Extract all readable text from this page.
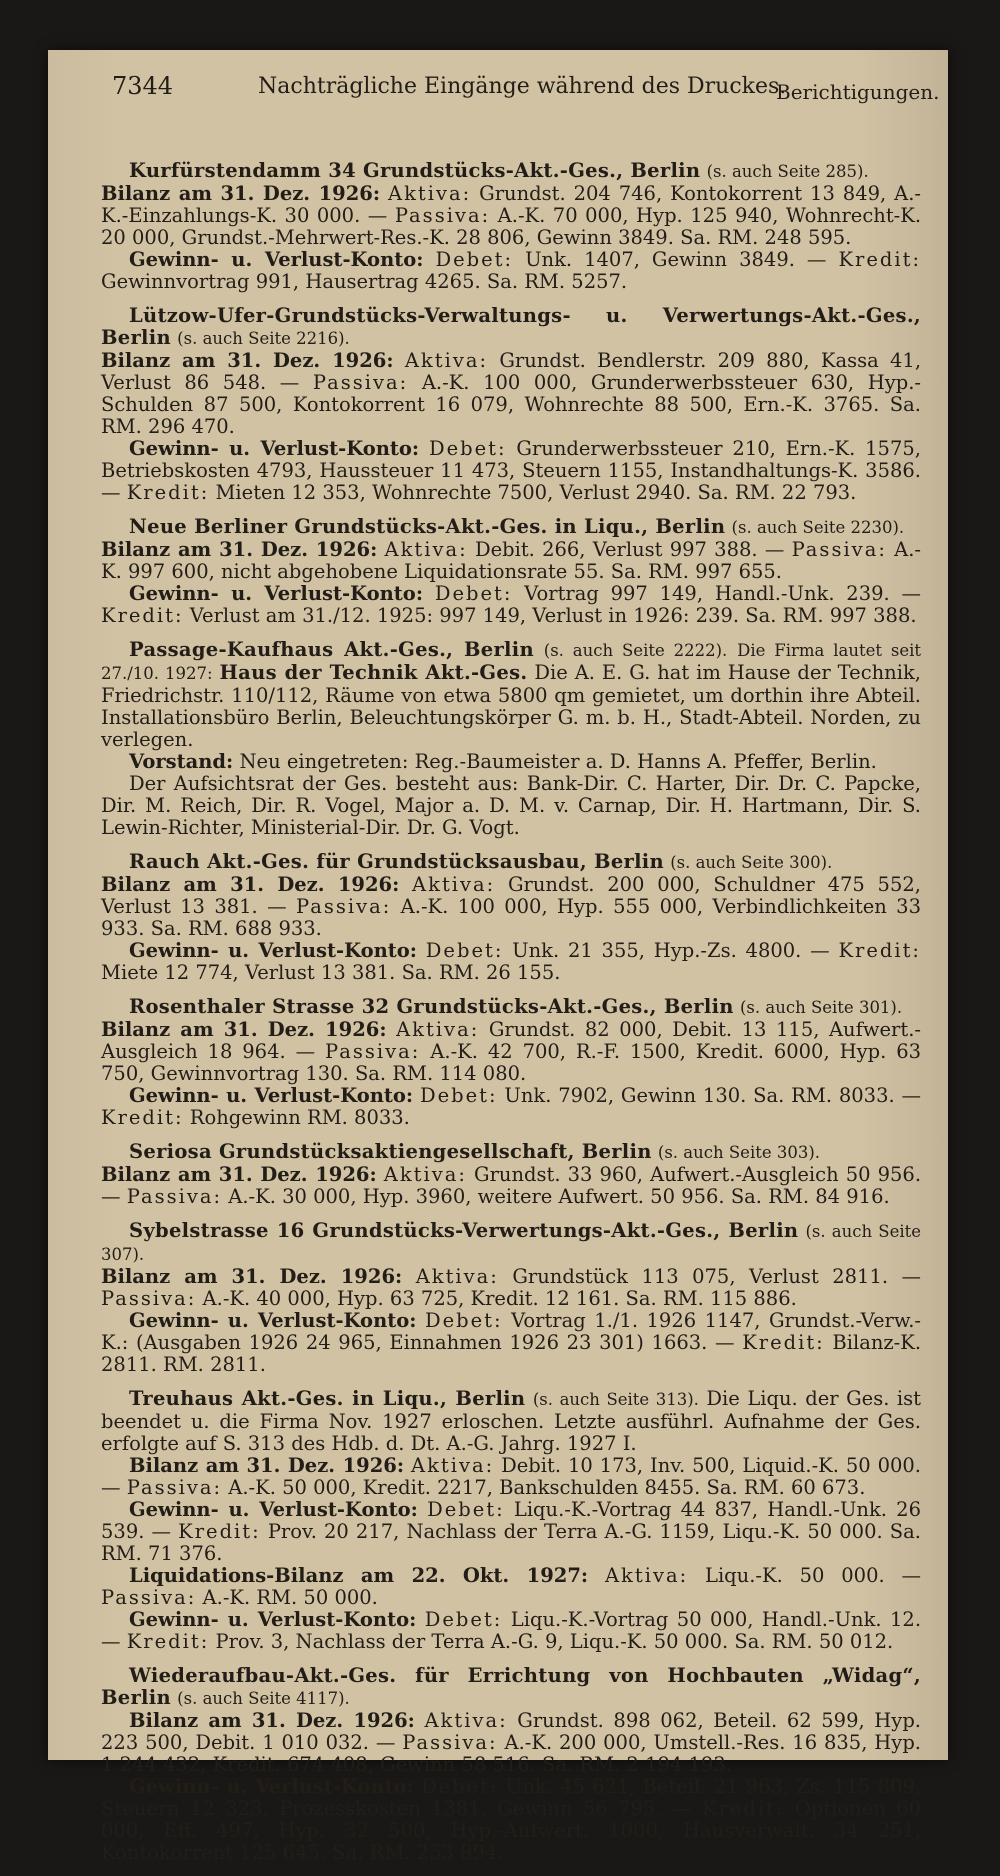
7344	Nachträgliche Eingänge während des Druckes.
Berichtigungen.

Kurfürstendamm 34 Grundstücks-Akt.-Ges., Berlin (s. auch Seite 285).

Bilanz am 31. Dez. 1926: Aktiva: Grundst. 204 746, Kontokorrent 13 849, A.-K.-Einzahlungs-K. 30 000. — Passiva: A.-K. 70 000, Hyp. 125 940, Wohnrecht-K. 20 000, Grundst.-Mehrwert-Res.-K. 28 806, Gewinn 3849. Sa. RM. 248 595.

Gewinn- u. Verlust-Konto: Debet: Unk. 1407, Gewinn 3849. — Kredit: Gewinnvortrag 991, Hausertrag 4265. Sa. RM. 5257.

Lützow-Ufer-Grundstücks-Verwaltungs- u. Verwertungs-Akt.-Ges., Berlin (s. auch Seite 2216).

Bilanz am 31. Dez. 1926: Aktiva: Grundst. Bendlerstr. 209 880, Kassa 41, Verlust 86 548. — Passiva: A.-K. 100 000, Grunderwerbssteuer 630, Hyp.-Schulden 87 500, Kontokorrent 16 079, Wohnrechte 88 500, Ern.-K. 3765. Sa. RM. 296 470.

Gewinn- u. Verlust-Konto: Debet: Grunderwerbssteuer 210, Ern.-K. 1575, Betriebskosten 4793, Haussteuer 11 473, Steuern 1155, Instandhaltungs-K. 3586. — Kredit: Mieten 12 353, Wohnrechte 7500, Verlust 2940. Sa. RM. 22 793.

Neue Berliner Grundstücks-Akt.-Ges. in Liqu., Berlin (s. auch Seite 2230).

Bilanz am 31. Dez. 1926: Aktiva: Debit. 266, Verlust 997 388. — Passiva: A.-K. 997 600, nicht abgehobene Liquidationsrate 55. Sa. RM. 997 655.

Gewinn- u. Verlust-Konto: Debet: Vortrag 997 149, Handl.-Unk. 239. — Kredit: Verlust am 31./12. 1925: 997 149, Verlust in 1926: 239. Sa. RM. 997 388.

Passage-Kaufhaus Akt.-Ges., Berlin (s. auch Seite 2222). Die Firma lautet seit 27./10. 1927: Haus der Technik Akt.-Ges. Die A. E. G. hat im Hause der Technik, Friedrichstr. 110/112, Räume von etwa 5800 qm gemietet, um dorthin ihre Abteil. Installationsbüro Berlin, Beleuchtungskörper G. m. b. H., Stadt-Abteil. Norden, zu verlegen.

Vorstand: Neu eingetreten: Reg.-Baumeister a. D. Hanns A. Pfeffer, Berlin.

Der Aufsichtsrat der Ges. besteht aus: Bank-Dir. C. Harter, Dir. Dr. C. Papcke, Dir. M. Reich, Dir. R. Vogel, Major a. D. M. v. Carnap, Dir. H. Hartmann, Dir. S. Lewin-Richter, Ministerial-Dir. Dr. G. Vogt.

Rauch Akt.-Ges. für Grundstücksausbau, Berlin (s. auch Seite 300).

Bilanz am 31. Dez. 1926: Aktiva: Grundst. 200 000, Schuldner 475 552, Verlust 13 381. — Passiva: A.-K. 100 000, Hyp. 555 000, Verbindlichkeiten 33 933. Sa. RM. 688 933.

Gewinn- u. Verlust-Konto: Debet: Unk. 21 355, Hyp.-Zs. 4800. — Kredit: Miete 12 774, Verlust 13 381. Sa. RM. 26 155.

Rosenthaler Strasse 32 Grundstücks-Akt.-Ges., Berlin (s. auch Seite 301).

Bilanz am 31. Dez. 1926: Aktiva: Grundst. 82 000, Debit. 13 115, Aufwert.-Ausgleich 18 964. — Passiva: A.-K. 42 700, R.-F. 1500, Kredit. 6000, Hyp. 63 750, Gewinnvortrag 130. Sa. RM. 114 080.

Gewinn- u. Verlust-Konto: Debet: Unk. 7902, Gewinn 130. Sa. RM. 8033. — Kredit: Rohgewinn RM. 8033.

Seriosa Grundstücksaktiengesellschaft, Berlin (s. auch Seite 303).

Bilanz am 31. Dez. 1926: Aktiva: Grundst. 33 960, Aufwert.-Ausgleich 50 956. — Passiva: A.-K. 30 000, Hyp. 3960, weitere Aufwert. 50 956. Sa. RM. 84 916.

Sybelstrasse 16 Grundstücks-Verwertungs-Akt.-Ges., Berlin (s. auch Seite 307).

Bilanz am 31. Dez. 1926: Aktiva: Grundstück 113 075, Verlust 2811. — Passiva: A.-K. 40 000, Hyp. 63 725, Kredit. 12 161. Sa. RM. 115 886.

Gewinn- u. Verlust-Konto: Debet: Vortrag 1./1. 1926 1147, Grundst.-Verw.-K.: (Ausgaben 1926 24 965, Einnahmen 1926 23 301) 1663. — Kredit: Bilanz-K. 2811. RM. 2811.

Treuhaus Akt.-Ges. in Liqu., Berlin (s. auch Seite 313). Die Liqu. der Ges. ist beendet u. die Firma Nov. 1927 erloschen. Letzte ausführl. Aufnahme der Ges. erfolgte auf S. 313 des Hdb. d. Dt. A.-G. Jahrg. 1927 I.

Bilanz am 31. Dez. 1926: Aktiva: Debit. 10 173, Inv. 500, Liquid.-K. 50 000. — Passiva: A.-K. 50 000, Kredit. 2217, Bankschulden 8455. Sa. RM. 60 673.

Gewinn- u. Verlust-Konto: Debet: Liqu.-K.-Vortrag 44 837, Handl.-Unk. 26 539. — Kredit: Prov. 20 217, Nachlass der Terra A.-G. 1159, Liqu.-K. 50 000. Sa. RM. 71 376.

Liquidations-Bilanz am 22. Okt. 1927: Aktiva: Liqu.-K. 50 000. — Passiva: A.-K. RM. 50 000.

Gewinn- u. Verlust-Konto: Debet: Liqu.-K.-Vortrag 50 000, Handl.-Unk. 12. — Kredit: Prov. 3, Nachlass der Terra A.-G. 9, Liqu.-K. 50 000. Sa. RM. 50 012.

Wiederaufbau-Akt.-Ges. für Errichtung von Hochbauten „Widag“, Berlin (s. auch Seite 4117).

Bilanz am 31. Dez. 1926: Aktiva: Grundst. 898 062, Beteil. 62 599, Hyp. 223 500, Debit. 1 010 032. — Passiva: A.-K. 200 000, Umstell.-Res. 16 835, Hyp. 1 244 432, Kredit. 674 408, Gewinn 58 516. Sa. RM. 2 194 193.

Gewinn- u. Verlust-Konto: Debet: Unk. 45 621, Beteil. 21 963, Zs. 115 809, Steuern 12 323, Prozesskosten 1381, Gewinn 56 795. — Kredit: Optionen 60 000, Eff. 497, Hyp. 32 500, Hyp.-Aufwert. 1000, Hausverwalt. 34 251, Kontokorrent 125 645. Sa. RM. 253 894.
